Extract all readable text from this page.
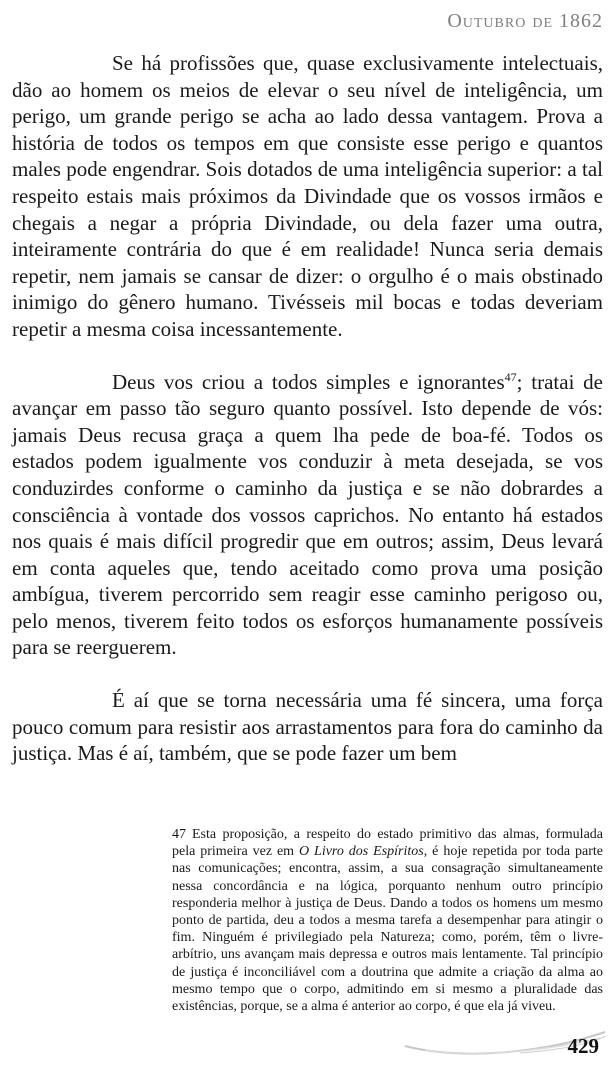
Outubro de 1862

Se há profissões que, quase exclusivamente intelectuais, dão ao homem os meios de elevar o seu nível de inteligência, um perigo, um grande perigo se acha ao lado dessa vantagem. Prova a história de todos os tempos em que consiste esse perigo e quantos males pode engendrar. Sois dotados de uma inteligência superior: a tal respeito estais mais próximos da Divindade que os vossos irmãos e chegais a negar a própria Divindade, ou dela fazer uma outra, inteiramente contrária do que é em realidade! Nunca seria demais repetir, nem jamais se cansar de dizer: o orgulho é o mais obstinado inimigo do gênero humano. Tivésseis mil bocas e todas deveriam repetir a mesma coisa incessantemente.

Deus vos criou a todos simples e ignorantes$^{47}$; tratai de avançar em passo tão seguro quanto possível. Isto depende de vós: jamais Deus recusa graça a quem lha pede de boa-fé. Todos os estados podem igualmente vos conduzir à meta desejada, se vos conduzirdes conforme o caminho da justiça e se não dobrardes a consciência à vontade dos vossos caprichos. No entanto há estados nos quais é mais difícil progredir que em outros; assim, Deus levará em conta aqueles que, tendo aceitado como prova uma posição ambígua, tiverem percorrido sem reagir esse caminho perigoso ou, pelo menos, tiverem feito todos os esforços humanamente possíveis para se reerguerem.

É aí que se torna necessária uma fé sincera, uma força pouco comum para resistir aos arrastamentos para fora do caminho da justiça. Mas é aí, também, que se pode fazer um bem

47 Esta proposição, a respeito do estado primitivo das almas, formulada pela primeira vez em O Livro dos Espíritos, é hoje repetida por toda parte nas comunicações; encontra, assim, a sua consagração simultaneamente nessa concordância e na lógica, porquanto nenhum outro princípio responderia melhor à justiça de Deus. Dando a todos os homens um mesmo ponto de partida, deu a todos a mesma tarefa a desempenhar para atingir o fim. Ninguém é privilegiado pela Natureza; como, porém, têm o livre-arbítrio, uns avançam mais depressa e outros mais lentamente. Tal princípio de justiça é inconciliável com a doutrina que admite a criação da alma ao mesmo tempo que o corpo, admitindo em si mesmo a pluralidade das existências, porque, se a alma é anterior ao corpo, é que ela já viveu.
429
